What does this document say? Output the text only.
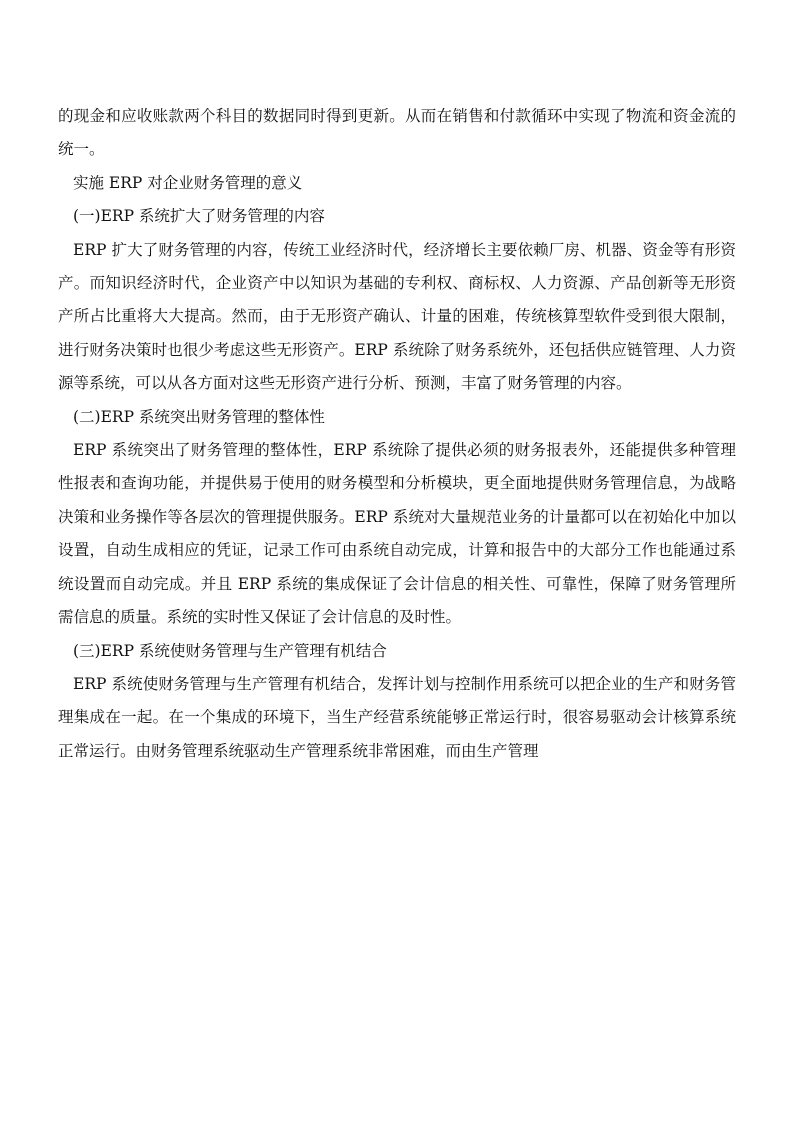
的现金和应收账款两个科目的数据同时得到更新。从而在销售和付款循环中实现了物流和资金流的统一。

实施 ERP 对企业财务管理的意义

(一)ERP 系统扩大了财务管理的内容

ERP 扩大了财务管理的内容，传统工业经济时代，经济增长主要依赖厂房、机器、资金等有形资产。而知识经济时代，企业资产中以知识为基础的专利权、商标权、人力资源、产品创新等无形资产所占比重将大大提高。然而，由于无形资产确认、计量的困难，传统核算型软件受到很大限制，进行财务决策时也很少考虑这些无形资产。ERP 系统除了财务系统外，还包括供应链管理、人力资源等系统，可以从各方面对这些无形资产进行分析、预测，丰富了财务管理的内容。

(二)ERP 系统突出财务管理的整体性

ERP 系统突出了财务管理的整体性，ERP 系统除了提供必须的财务报表外，还能提供多种管理性报表和查询功能，并提供易于使用的财务模型和分析模块，更全面地提供财务管理信息，为战略决策和业务操作等各层次的管理提供服务。ERP 系统对大量规范业务的计量都可以在初始化中加以设置，自动生成相应的凭证，记录工作可由系统自动完成，计算和报告中的大部分工作也能通过系统设置而自动完成。并且 ERP 系统的集成保证了会计信息的相关性、可靠性，保障了财务管理所需信息的质量。系统的实时性又保证了会计信息的及时性。

(三)ERP 系统使财务管理与生产管理有机结合

ERP 系统使财务管理与生产管理有机结合，发挥计划与控制作用系统可以把企业的生产和财务管理集成在一起。在一个集成的环境下，当生产经营系统能够正常运行时，很容易驱动会计核算系统正常运行。由财务管理系统驱动生产管理系统非常困难，而由生产管理
